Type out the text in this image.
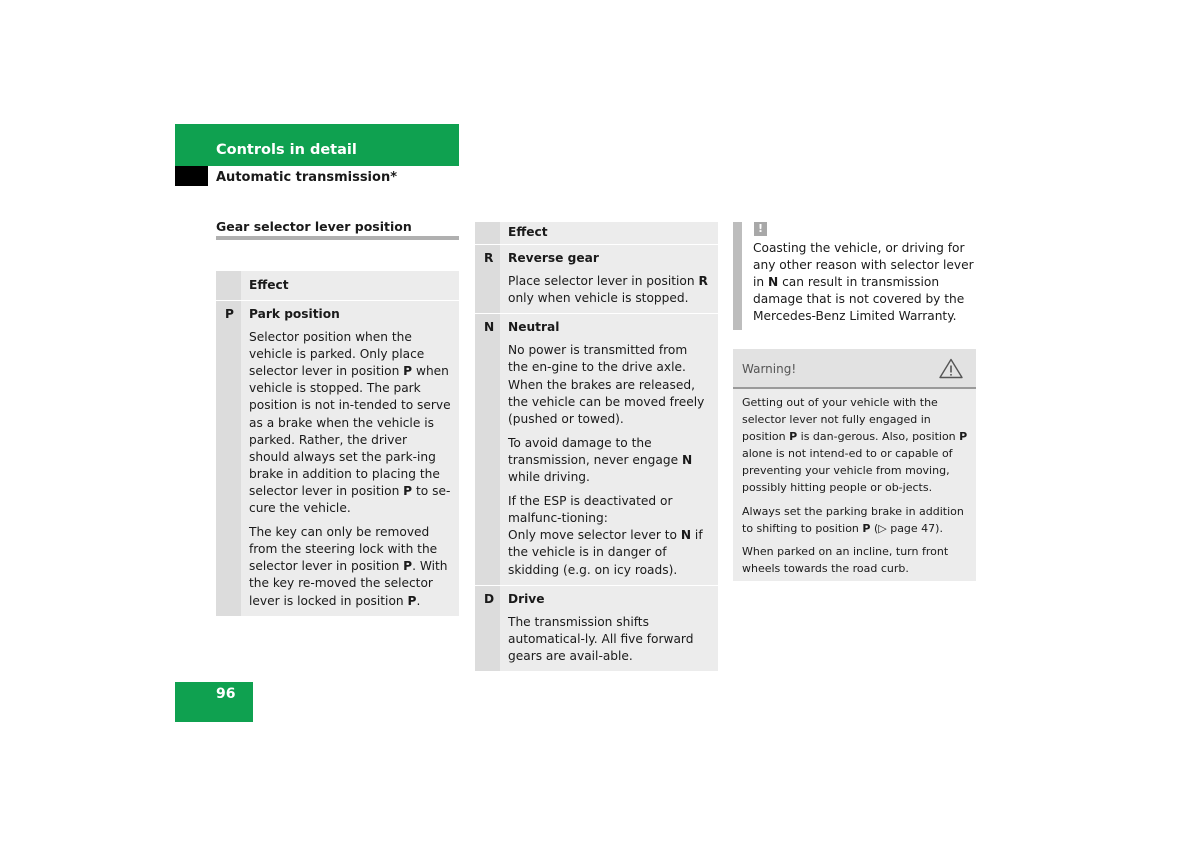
Controls in detail
Automatic transmission*
Gear selector lever position
	Effect
P	Park position

	Selector position when the vehicle is parked. Only place selector lever in position P when vehicle is stopped. The park position is not in-tended to serve as a brake when the vehicle is parked. Rather, the driver should always set the park-ing brake in addition to placing the selector lever in position P to se-cure the vehicle.

The key can only be removed from the steering lock with the selector lever in position P. With the key re-moved the selector lever is locked in position P.

	Effect
R	Reverse gear

	Place selector lever in position R only when vehicle is stopped.

N	Neutral

	No power is transmitted from the en-gine to the drive axle. When the brakes are released, the vehicle can be moved freely (pushed or towed).

To avoid damage to the transmission, never engage N while driving.

If the ESP is deactivated or malfunc-tioning:
Only move selector lever to N if the vehicle is in danger of skidding (e.g. on icy roads).

D	Drive

	The transmission shifts automatical-ly. All five forward gears are avail-able.

!
Coasting the vehicle, or driving for any other reason with selector lever in N can result in transmission damage that is not covered by the Mercedes-Benz Limited Warranty.
Warning!

Getting out of your vehicle with the selector lever not fully engaged in position P is dan-gerous. Also, position P alone is not intend-ed to or capable of preventing your vehicle from moving, possibly hitting people or ob-jects.

Always set the parking brake in addition to shifting to position P (▷ page 47).

When parked on an incline, turn front wheels towards the road curb.

96
